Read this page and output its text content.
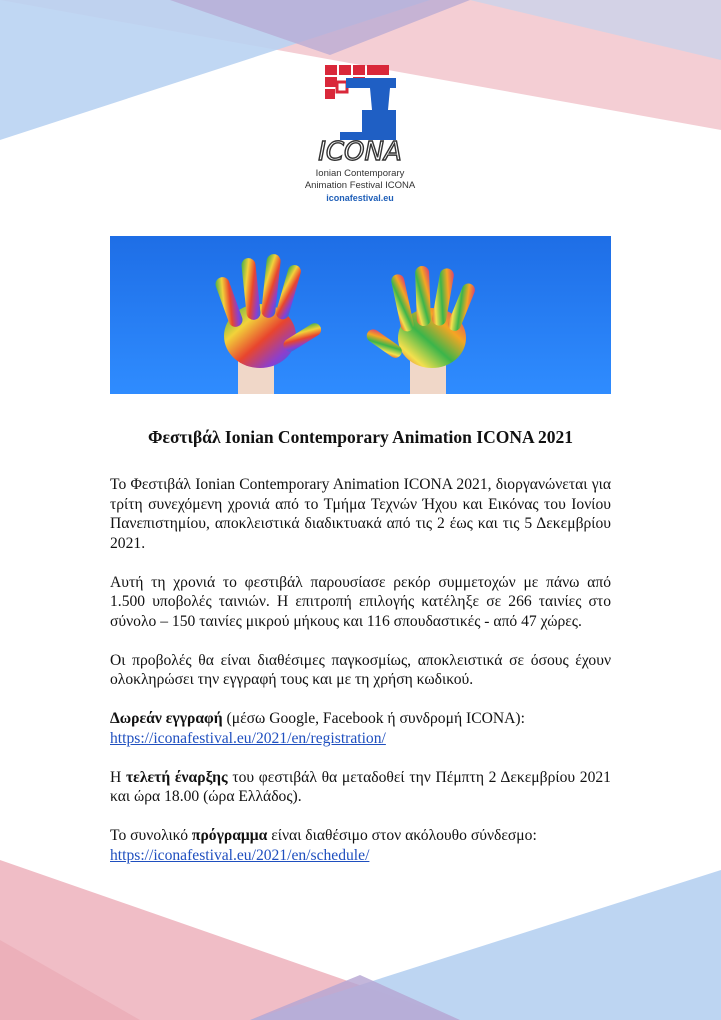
ICONA
Ionian Contemporary
Animation Festival ICONA
iconafestival.eu
Φεστιβάλ Ionian Contemporary Animation ICONA 2021

Το Φεστιβάλ Ionian Contemporary Animation ICONA 2021, διοργανώνεται για τρίτη συνεχόμενη χρονιά από το Τμήμα Τεχνών Ήχου και Εικόνας του Ιονίου Πανεπιστημίου, αποκλειστικά διαδικτυακά από τις 2 έως και τις 5 Δεκεμβρίου 2021.

Αυτή τη χρονιά το φεστιβάλ παρουσίασε ρεκόρ συμμετοχών με πάνω από 1.500 υποβολές ταινιών. Η επιτροπή επιλογής κατέληξε σε 266 ταινίες στο σύνολο – 150 ταινίες μικρού μήκους και 116 σπουδαστικές - από 47 χώρες.

Οι προβολές θα είναι διαθέσιμες παγκοσμίως, αποκλειστικά σε όσους έχουν ολοκληρώσει την εγγραφή τους και με τη χρήση κωδικού.

Δωρεάν εγγραφή (μέσω Google, Facebook ή συνδρομή ICONA):
https://iconafestival.eu/2021/en/registration/

Η τελετή έναρξης του φεστιβάλ θα μεταδοθεί την Πέμπτη 2 Δεκεμβρίου 2021 και ώρα 18.00 (ώρα Ελλάδος).

Το συνολικό πρόγραμμα είναι διαθέσιμο στον ακόλουθο σύνδεσμο:
https://iconafestival.eu/2021/en/schedule/
